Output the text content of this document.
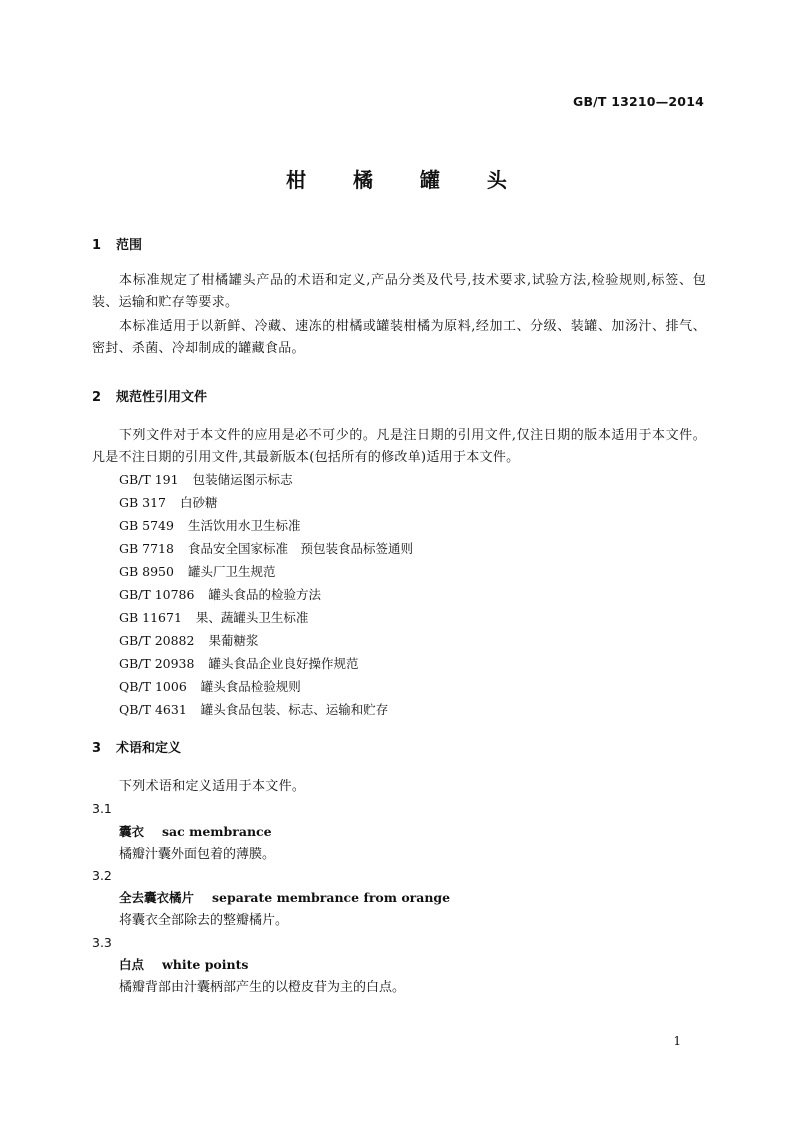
GB/T 13210—2014
柑 橘 罐 头
1 范围
本标准规定了柑橘罐头产品的术语和定义,产品分类及代号,技术要求,试验方法,检验规则,标签、包装、运输和贮存等要求。
本标准适用于以新鲜、冷藏、速冻的柑橘或罐装柑橘为原料,经加工、分级、装罐、加汤汁、排气、密封、杀菌、冷却制成的罐藏食品。
2 规范性引用文件
下列文件对于本文件的应用是必不可少的。凡是注日期的引用文件,仅注日期的版本适用于本文件。凡是不注日期的引用文件,其最新版本(包括所有的修改单)适用于本文件。
GB/T 191 包装储运图示标志
GB 317 白砂糖
GB 5749 生活饮用水卫生标准
GB 7718 食品安全国家标准　预包装食品标签通则
GB 8950 罐头厂卫生规范
GB/T 10786 罐头食品的检验方法
GB 11671 果、蔬罐头卫生标准
GB/T 20882 果葡糖浆
GB/T 20938 罐头食品企业良好操作规范
QB/T 1006 罐头食品检验规则
QB/T 4631 罐头食品包装、标志、运输和贮存
3 术语和定义
下列术语和定义适用于本文件。
3.1
囊衣 sac membrance
橘瓣汁囊外面包着的薄膜。
3.2
全去囊衣橘片 separate membrance from orange
将囊衣全部除去的整瓣橘片。
3.3
白点 white points
橘瓣背部由汁囊柄部产生的以橙皮苷为主的白点。
1
